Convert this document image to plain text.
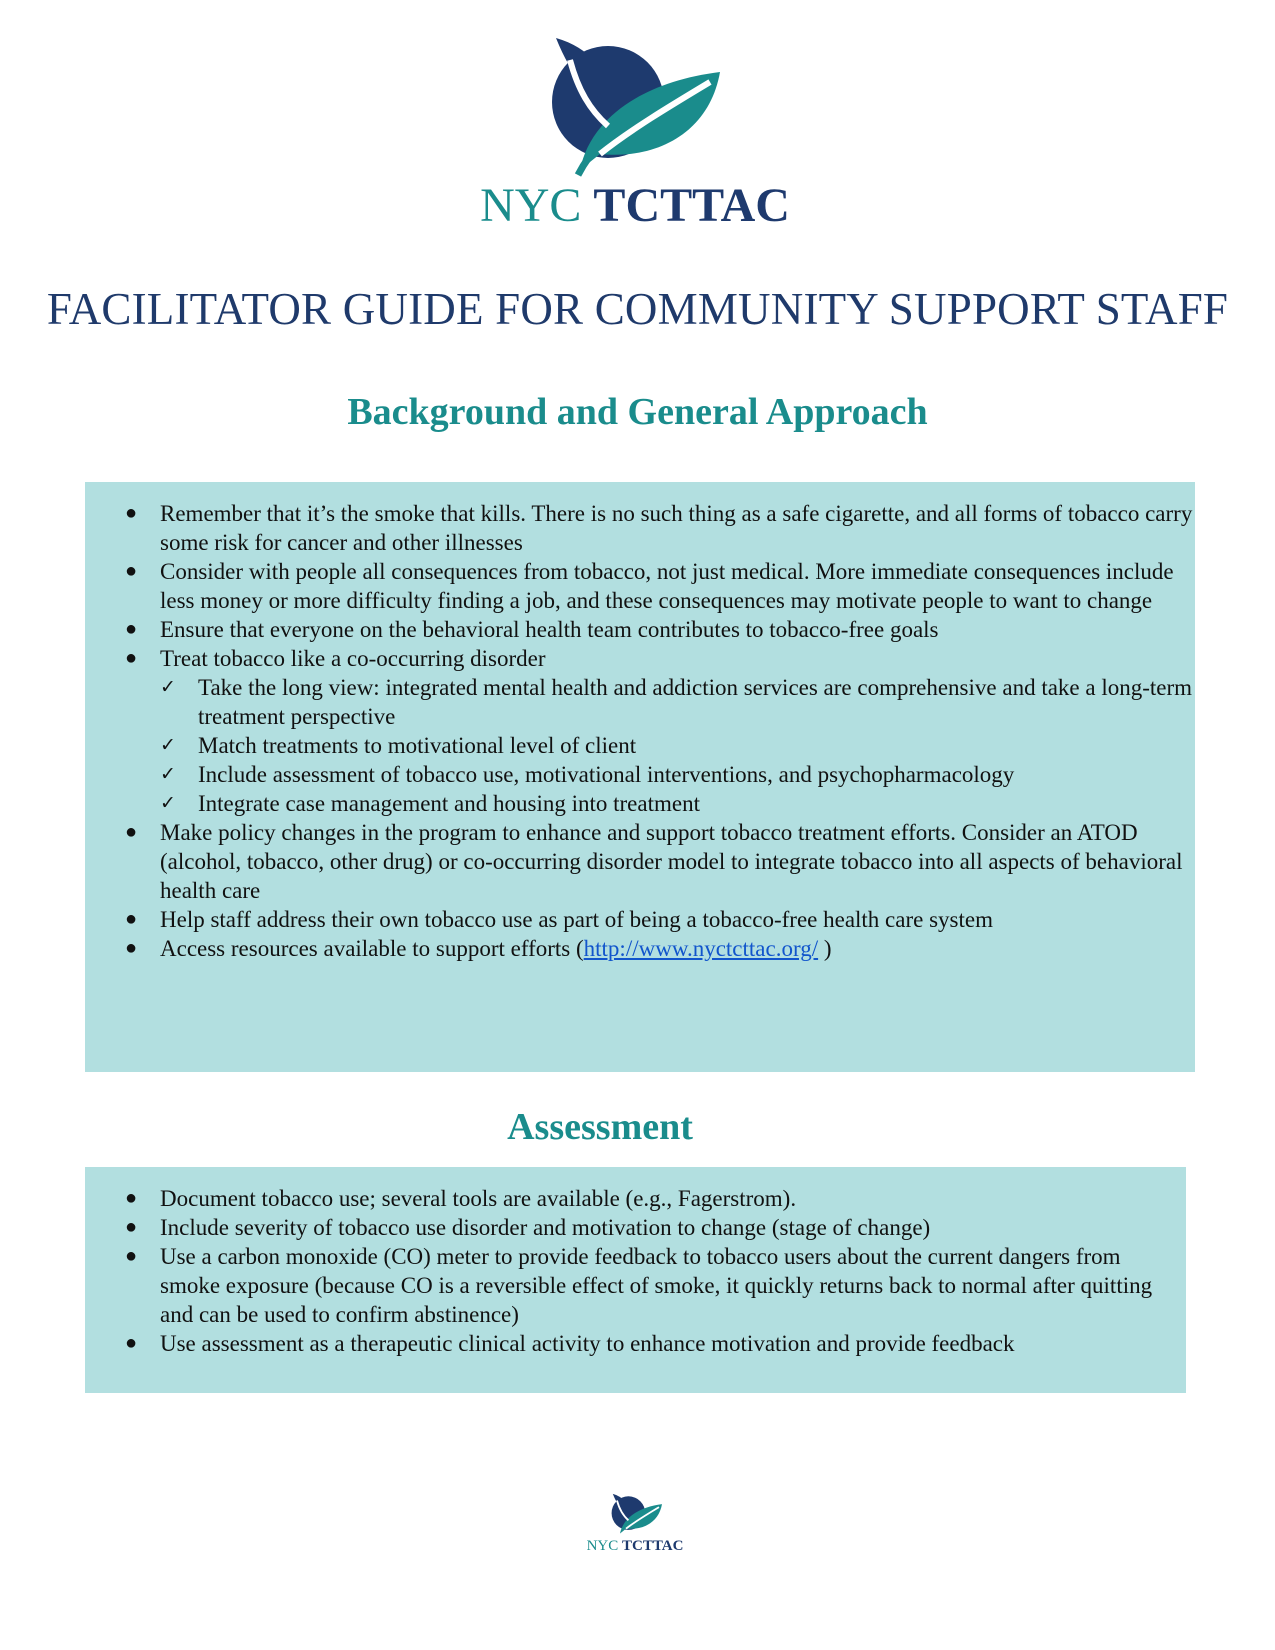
NYC TCTTAC
FACILITATOR GUIDE FOR COMMUNITY SUPPORT STAFF
Background and General Approach
● Remember that it’s the smoke that kills. There is no such thing as a safe cigarette, and all forms of tobacco carry some risk for cancer and other illnesses
● Consider with people all consequences from tobacco, not just medical. More immediate consequences include less money or more difficulty finding a job, and these consequences may motivate people to want to change
● Ensure that everyone on the behavioral health team contributes to tobacco-free goals
● Treat tobacco like a co-occurring disorder
✓ Take the long view: integrated mental health and addiction services are comprehensive and take a long-term treatment perspective
✓ Match treatments to motivational level of client
✓ Include assessment of tobacco use, motivational interventions, and psychopharmacology
✓ Integrate case management and housing into treatment
● Make policy changes in the program to enhance and support tobacco treatment efforts. Consider an ATOD (alcohol, tobacco, other drug) or co-occurring disorder model to integrate tobacco into all aspects of behavioral health care
● Help staff address their own tobacco use as part of being a tobacco-free health care system
● Access resources available to support efforts (http://www.nyctcttac.org/ )
Assessment
● Document tobacco use; several tools are available (e.g., Fagerstrom).
● Include severity of tobacco use disorder and motivation to change (stage of change)
● Use a carbon monoxide (CO) meter to provide feedback to tobacco users about the current dangers from smoke exposure (because CO is a reversible effect of smoke, it quickly returns back to normal after quitting and can be used to confirm abstinence)
● Use assessment as a therapeutic clinical activity to enhance motivation and provide feedback
NYC TCTTAC
